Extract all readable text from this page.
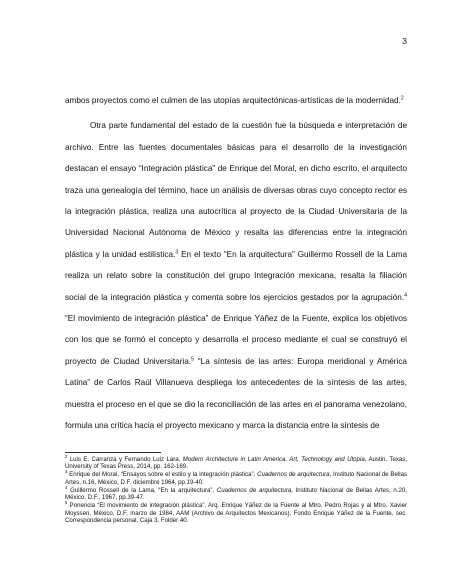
3

ambos proyectos como el culmen de las utopías arquitectónicas-artísticas de la modernidad.$^2$

Otra parte fundamental del estado de la cuestión fue la búsqueda e interpretación de archivo. Entre las fuentes documentales básicas para el desarrollo de la investigación destacan el ensayo “Integración plástica” de Enrique del Moral, en dicho escrito, el arquitecto traza una genealogía del término, hace un análisis de diversas obras cuyo concepto rector es la integración plástica, realiza una autocrítica al proyecto de la Ciudad Universitaria de la Universidad Nacional Autónoma de México y resalta las diferencias entre la integración plástica y la unidad estilística.$^3$ En el texto “En la arquitectura” Guillermo Rossell de la Lama realiza un relato sobre la constitución del grupo Integración mexicana, resalta la filiación social de la integración plástica y comenta sobre los ejercicios gestados por la agrupación.$^4$ “El movimiento de integración plástica” de Enrique Yáñez de la Fuente, explica los objetivos con los que se formó el concepto y desarrolla el proceso mediante el cual se construyó el proyecto de Ciudad Universitaria.$^5$ “La síntesis de las artes: Europa meridional y América Latina” de Carlos Raúl Villanueva despliega los antecedentes de la síntesis de las artes, muestra el proceso en el que se dio la reconciliación de las artes en el panorama venezolano, formula una crítica hacia el proyecto mexicano y marca la distancia entre la síntesis de

$^2$ Luis E. Carranza y Fernando Luiz Lara, Modern Architecture in Latin America. Art, Technology and Utopia, Austin, Texas, University of Texas Press, 2014, pp. 162-169.

$^3$ Enrique del Moral, “Ensayos sobre el estilo y la integración plástica”, Cuadernos de arquitectura, Instituto Nacional de Bellas Artes, n.16, México, D.F. diciembre 1964, pp.19-40.

$^4$ Guillermo Rossell de la Lama, “En la arquitectura”, Cuadernos de arquitectura, Instituto Nacional de Bellas Artes, n.20, México, D.F., 1967, pp.39-47.

$^5$ Ponencia “El movimiento de integración plástica”, Arq. Enrique Yáñez de la Fuente al Mtro. Pedro Rojas y al Mtro. Xavier Moyssen, México, D.F, marzo de 1984, AAM (Archivo de Arquitectos Mexicanos), Fondo Enrique Yáñez de la Fuente, sec. Correspondencia personal, Caja 3, Folder 40.
